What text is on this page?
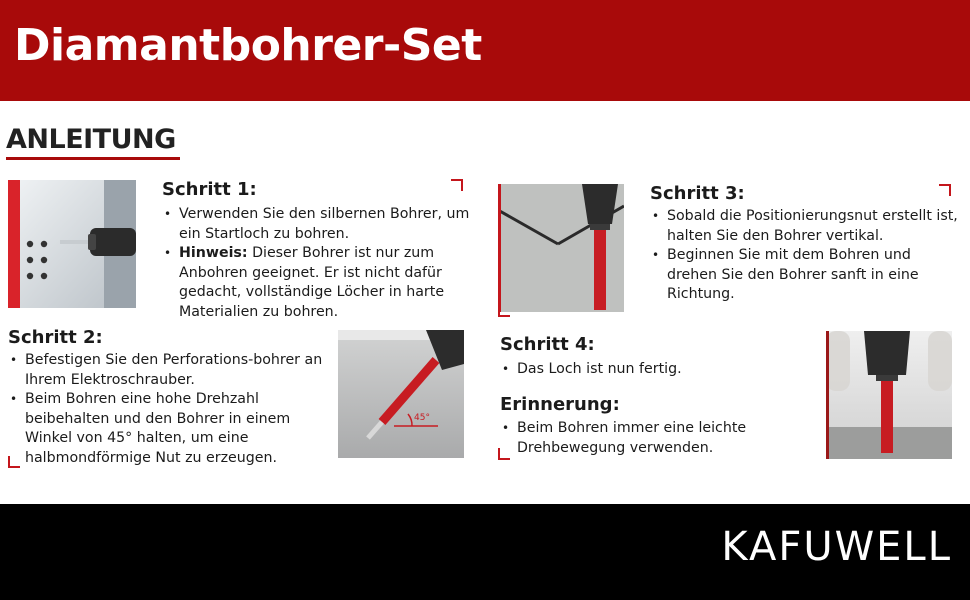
Diamantbohrer-Set
ANLEITUNG
Schritt 1:
• Verwenden Sie den silbernen Bohrer, um ein Startloch zu bohren.
• Hinweis: Dieser Bohrer ist nur zum Anbohren geeignet. Er ist nicht dafür gedacht, vollständige Löcher in harte Materialien zu bohren.
Schritt 2:
• Befestigen Sie den Perforations-bohrer an Ihrem Elektroschrauber.
• Beim Bohren eine hohe Drehzahl beibehalten und den Bohrer in einem Winkel von 45° halten, um eine halbmondförmige Nut zu erzeugen.
45°
Schritt 3:
• Sobald die Positionierungsnut erstellt ist, halten Sie den Bohrer vertikal.
• Beginnen Sie mit dem Bohren und drehen Sie den Bohrer sanft in eine Richtung.
Schritt 4:
• Das Loch ist nun fertig.
Erinnerung:
• Beim Bohren immer eine leichte Drehbewegung verwenden.
KAFUWELL
